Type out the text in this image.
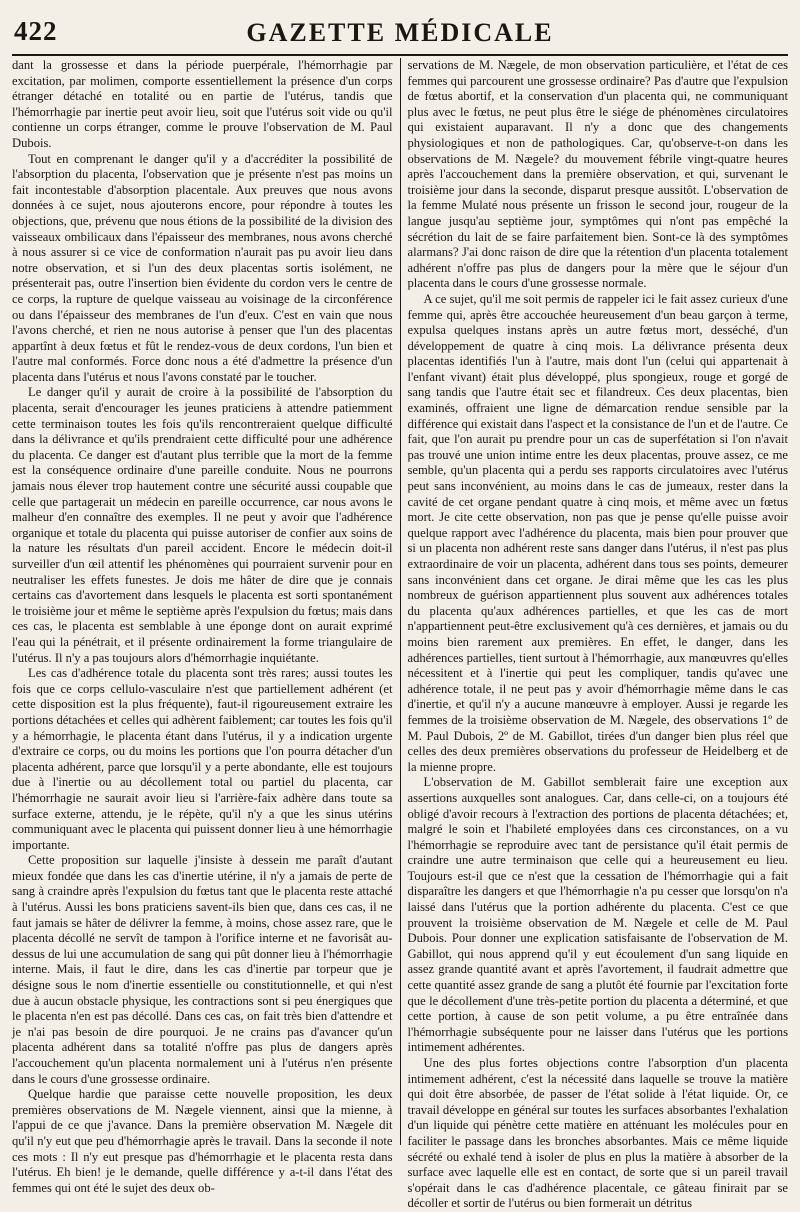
422	GAZETTE MÉDICALE

dant la grossesse et dans la période puerpérale, l'hémorrhagie par excitation, par molimen, comporte essentiellement la présence d'un corps étranger détaché en totalité ou en partie de l'utérus, tandis que l'hémorrhagie par inertie peut avoir lieu, soit que l'utérus soit vide ou qu'il contienne un corps étranger, comme le prouve l'observation de M. Paul Dubois.

Tout en comprenant le danger qu'il y a d'accréditer la possibilité de l'absorption du placenta, l'observation que je présente n'est pas moins un fait incontestable d'absorption placentale. Aux preuves que nous avons données à ce sujet, nous ajouterons encore, pour répondre à toutes les objections, que, prévenu que nous étions de la possibilité de la division des vaisseaux ombilicaux dans l'épaisseur des membranes, nous avons cherché à nous assurer si ce vice de conformation n'aurait pas pu avoir lieu dans notre observation, et si l'un des deux placentas sortis isolément, ne présenterait pas, outre l'insertion bien évidente du cordon vers le centre de ce corps, la rupture de quelque vaisseau au voisinage de la circonférence ou dans l'épaisseur des membranes de l'un d'eux. C'est en vain que nous l'avons cherché, et rien ne nous autorise à penser que l'un des placentas appartînt à deux fœtus et fût le rendez-vous de deux cordons, l'un bien et l'autre mal conformés. Force donc nous a été d'admettre la présence d'un placenta dans l'utérus et nous l'avons constaté par le toucher.

Le danger qu'il y aurait de croire à la possibilité de l'absorption du placenta, serait d'encourager les jeunes praticiens à attendre patiemment cette terminaison toutes les fois qu'ils rencontreraient quelque difficulté dans la délivrance et qu'ils prendraient cette difficulté pour une adhérence du placenta. Ce danger est d'autant plus terrible que la mort de la femme est la conséquence ordinaire d'une pareille conduite. Nous ne pourrons jamais nous élever trop hautement contre une sécurité aussi coupable que celle que partagerait un médecin en pareille occurrence, car nous avons le malheur d'en connaître des exemples. Il ne peut y avoir que l'adhérence organique et totale du placenta qui puisse autoriser de confier aux soins de la nature les résultats d'un pareil accident. Encore le médecin doit-il surveiller d'un œil attentif les phénomènes qui pourraient survenir pour en neutraliser les effets funestes. Je dois me hâter de dire que je connais certains cas d'avortement dans lesquels le placenta est sorti spontanément le troisième jour et même le septième après l'expulsion du fœtus; mais dans ces cas, le placenta est semblable à une éponge dont on aurait exprimé l'eau qui la pénétrait, et il présente ordinairement la forme triangulaire de l'utérus. Il n'y a pas toujours alors d'hémorrhagie inquiétante.

Les cas d'adhérence totale du placenta sont très rares; aussi toutes les fois que ce corps cellulo-vasculaire n'est que partiellement adhérent (et cette disposition est la plus fréquente), faut-il rigoureusement extraire les portions détachées et celles qui adhèrent faiblement; car toutes les fois qu'il y a hémorrhagie, le placenta étant dans l'utérus, il y a indication urgente d'extraire ce corps, ou du moins les portions que l'on pourra détacher d'un placenta adhérent, parce que lorsqu'il y a perte abondante, elle est toujours due à l'inertie ou au décollement total ou partiel du placenta, car l'hémorrhagie ne saurait avoir lieu si l'arrière-faix adhère dans toute sa surface externe, attendu, je le répète, qu'il n'y a que les sinus utérins communiquant avec le placenta qui puissent donner lieu à une hémorrhagie importante.

Cette proposition sur laquelle j'insiste à dessein me paraît d'autant mieux fondée que dans les cas d'inertie utérine, il n'y a jamais de perte de sang à craindre après l'expulsion du fœtus tant que le placenta reste attaché à l'utérus. Aussi les bons praticiens savent-ils bien que, dans ces cas, il ne faut jamais se hâter de délivrer la femme, à moins, chose assez rare, que le placenta décollé ne servît de tampon à l'orifice interne et ne favorisât au-dessus de lui une accumulation de sang qui pût donner lieu à l'hémorrhagie interne. Mais, il faut le dire, dans les cas d'inertie par torpeur que je désigne sous le nom d'inertie essentielle ou constitutionnelle, et qui n'est due à aucun obstacle physique, les contractions sont si peu énergiques que le placenta n'en est pas décollé. Dans ces cas, on fait très bien d'attendre et je n'ai pas besoin de dire pourquoi. Je ne crains pas d'avancer qu'un placenta adhérent dans sa totalité n'offre pas plus de dangers après l'accouchement qu'un placenta normalement uni à l'utérus n'en présente dans le cours d'une grossesse ordinaire.

Quelque hardie que paraisse cette nouvelle proposition, les deux premières observations de M. Nægele viennent, ainsi que la mienne, à l'appui de ce que j'avance. Dans la première observation M. Nægele dit qu'il n'y eut que peu d'hémorrhagie après le travail. Dans la seconde il note ces mots : Il n'y eut presque pas d'hémorrhagie et le placenta resta dans l'utérus. Eh bien! je le demande, quelle différence y a-t-il dans l'état des femmes qui ont été le sujet des deux ob-

servations de M. Nægele, de mon observation particulière, et l'état de ces femmes qui parcourent une grossesse ordinaire? Pas d'autre que l'expulsion de fœtus abortif, et la conservation d'un placenta qui, ne communiquant plus avec le fœtus, ne peut plus être le siége de phénomènes circulatoires qui existaient auparavant. Il n'y a donc que des changements physiologiques et non de pathologiques. Car, qu'observe-t-on dans les observations de M. Nægele? du mouvement fébrile vingt-quatre heures après l'accouchement dans la première observation, et qui, survenant le troisième jour dans la seconde, disparut presque aussitôt. L'observation de la femme Mulaté nous présente un frisson le second jour, rougeur de la langue jusqu'au septième jour, symptômes qui n'ont pas empêché la sécrétion du lait de se faire parfaitement bien. Sont-ce là des symptômes alarmans? J'ai donc raison de dire que la rétention d'un placenta totalement adhérent n'offre pas plus de dangers pour la mère que le séjour d'un placenta dans le cours d'une grossesse normale.

A ce sujet, qu'il me soit permis de rappeler ici le fait assez curieux d'une femme qui, après être accouchée heureusement d'un beau garçon à terme, expulsa quelques instans après un autre fœtus mort, desséché, d'un développement de quatre à cinq mois. La délivrance présenta deux placentas identifiés l'un à l'autre, mais dont l'un (celui qui appartenait à l'enfant vivant) était plus développé, plus spongieux, rouge et gorgé de sang tandis que l'autre était sec et filandreux. Ces deux placentas, bien examinés, offraient une ligne de démarcation rendue sensible par la différence qui existait dans l'aspect et la consistance de l'un et de l'autre. Ce fait, que l'on aurait pu prendre pour un cas de superfétation si l'on n'avait pas trouvé une union intime entre les deux placentas, prouve assez, ce me semble, qu'un placenta qui a perdu ses rapports circulatoires avec l'utérus peut sans inconvénient, au moins dans le cas de jumeaux, rester dans la cavité de cet organe pendant quatre à cinq mois, et même avec un fœtus mort. Je cite cette observation, non pas que je pense qu'elle puisse avoir quelque rapport avec l'adhérence du placenta, mais bien pour prouver que si un placenta non adhérent reste sans danger dans l'utérus, il n'est pas plus extraordinaire de voir un placenta, adhérent dans tous ses points, demeurer sans inconvénient dans cet organe. Je dirai même que les cas les plus nombreux de guérison appartiennent plus souvent aux adhérences totales du placenta qu'aux adhérences partielles, et que les cas de mort n'appartiennent peut-être exclusivement qu'à ces dernières, et jamais ou du moins bien rarement aux premières. En effet, le danger, dans les adhérences partielles, tient surtout à l'hémorrhagie, aux manœuvres qu'elles nécessitent et à l'inertie qui peut les compliquer, tandis qu'avec une adhérence totale, il ne peut pas y avoir d'hémorrhagie même dans le cas d'inertie, et qu'il n'y a aucune manœuvre à employer. Aussi je regarde les femmes de la troisième observation de M. Nægele, des observations 1º de M. Paul Dubois, 2º de M. Gabillot, tirées d'un danger bien plus réel que celles des deux premières observations du professeur de Heidelberg et de la mienne propre.

L'observation de M. Gabillot semblerait faire une exception aux assertions auxquelles sont analogues. Car, dans celle-ci, on a toujours été obligé d'avoir recours à l'extraction des portions de placenta détachées; et, malgré le soin et l'habileté employées dans ces circonstances, on a vu l'hémorrhagie se reproduire avec tant de persistance qu'il était permis de craindre une autre terminaison que celle qui a heureusement eu lieu. Toujours est-il que ce n'est que la cessation de l'hémorrhagie qui a fait disparaître les dangers et que l'hémorrhagie n'a pu cesser que lorsqu'on n'a laissé dans l'utérus que la portion adhérente du placenta. C'est ce que prouvent la troisième observation de M. Nægele et celle de M. Paul Dubois. Pour donner une explication satisfaisante de l'observation de M. Gabillot, qui nous apprend qu'il y eut écoulement d'un sang liquide en assez grande quantité avant et après l'avortement, il faudrait admettre que cette quantité assez grande de sang a plutôt été fournie par l'excitation forte que le décollement d'une très-petite portion du placenta a déterminé, et que cette portion, à cause de son petit volume, a pu être entraînée dans l'hémorrhagie subséquente pour ne laisser dans l'utérus que les portions intimement adhérentes.

Une des plus fortes objections contre l'absorption d'un placenta intimement adhérent, c'est la nécessité dans laquelle se trouve la matière qui doit être absorbée, de passer de l'état solide à l'état liquide. Or, ce travail développe en général sur toutes les surfaces absorbantes l'exhalation d'un liquide qui pénètre cette matière en atténuant les molécules pour en faciliter le passage dans les bronches absorbantes. Mais ce même liquide sécrété ou exhalé tend à isoler de plus en plus la matière à absorber de la surface avec laquelle elle est en contact, de sorte que si un pareil travail s'opérait dans le cas d'adhérence placentale, ce gâteau finirait par se décoller et sortir de l'utérus ou bien formerait un détritus
